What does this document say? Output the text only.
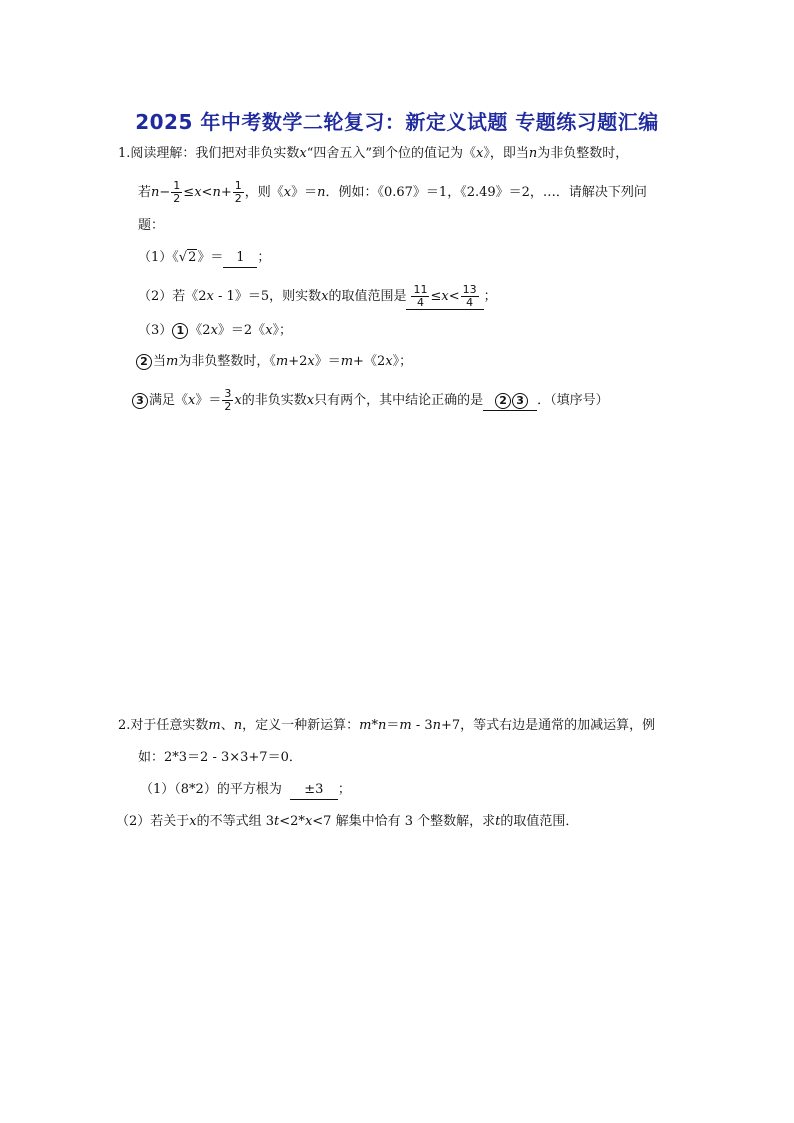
2025 年中考数学二轮复习：新定义试题 专题练习题汇编
1.阅读理解：我们把对非负实数x“四舍五入”到个位的值记为《x》，即当n为非负整数时，
若$n- \frac{1}{2} \le x<n+ \frac{1}{2}$ ，则《x》＝n．例如：《0.67》＝1，《2.49》＝2，…．请解决下列问
题：
（1）《√2》＝ 1 ；
（2）若《2x - 1》＝5，则实数x的取值范围是 $\frac{11}{4} \le x< \frac{13}{4}$ ；
（3） 1 《2x》＝2《x》；
2 当m为非负整数时，《m+2x》＝m+《2x》；
3 满足《x》＝ $\frac{3}{2}$ x的非负实数x只有两个，其中结论正确的是 2 3 ．（填序号）
2.对于任意实数m、n，定义一种新运算：m*n＝m - 3n+7，等式右边是通常的加减运算，例
如：2*3＝2 - 3×3+7＝0．
（1）（8*2）的平方根为 ±3 ；
（2）若关于x的不等式组 3t<2*x<7 解集中恰有 3 个整数解，求t的取值范围．
